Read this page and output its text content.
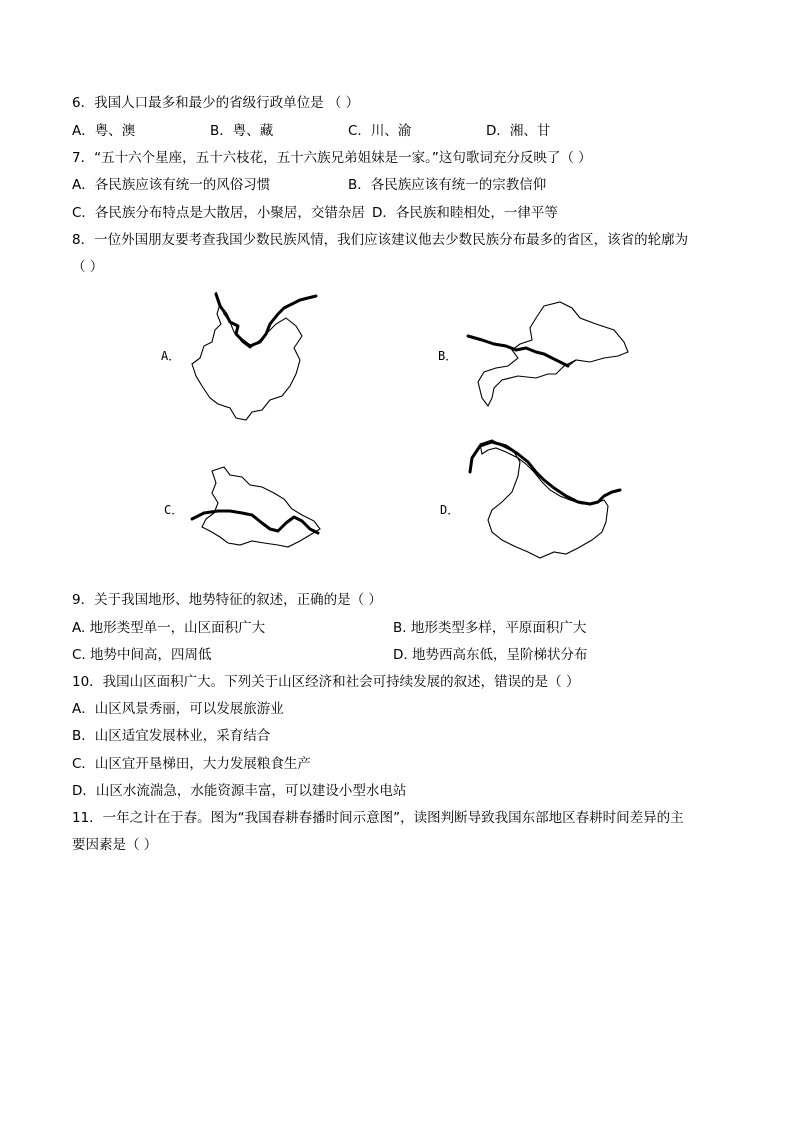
6．我国人口最多和最少的省级行政单位是 （ ）
A．粤、澳	B．粤、藏	C．川、渝	D．湘、甘
7．“五十六个星座，五十六枝花，五十六族兄弟姐妹是一家。”这句歌词充分反映了（ ）
A．各民族应该有统一的风俗习惯	B．各民族应该有统一的宗教信仰
C．各民族分布特点是大散居，小聚居，交错杂居 D．各民族和睦相处，一律平等
8．一位外国朋友要考查我国少数民族风情，我们应该建议他去少数民族分布最多的省区，该省的轮廓为
（ ）
A．	B．
C．	D．
9．关于我国地形、地势特征的叙述，正确的是（ ）
A. 地形类型单一，山区面积广大	B. 地形类型多样，平原面积广大
C. 地势中间高，四周低	D. 地势西高东低，呈阶梯状分布
10．我国山区面积广大。下列关于山区经济和社会可持续发展的叙述，错误的是（ ）
A．山区风景秀丽，可以发展旅游业
B．山区适宜发展林业，采育结合
C．山区宜开垦梯田，大力发展粮食生产
D．山区水流湍急，水能资源丰富，可以建设小型水电站
11．一年之计在于春。图为“我国春耕春播时间示意图”，读图判断导致我国东部地区春耕时间差异的主
要因素是（ ）
